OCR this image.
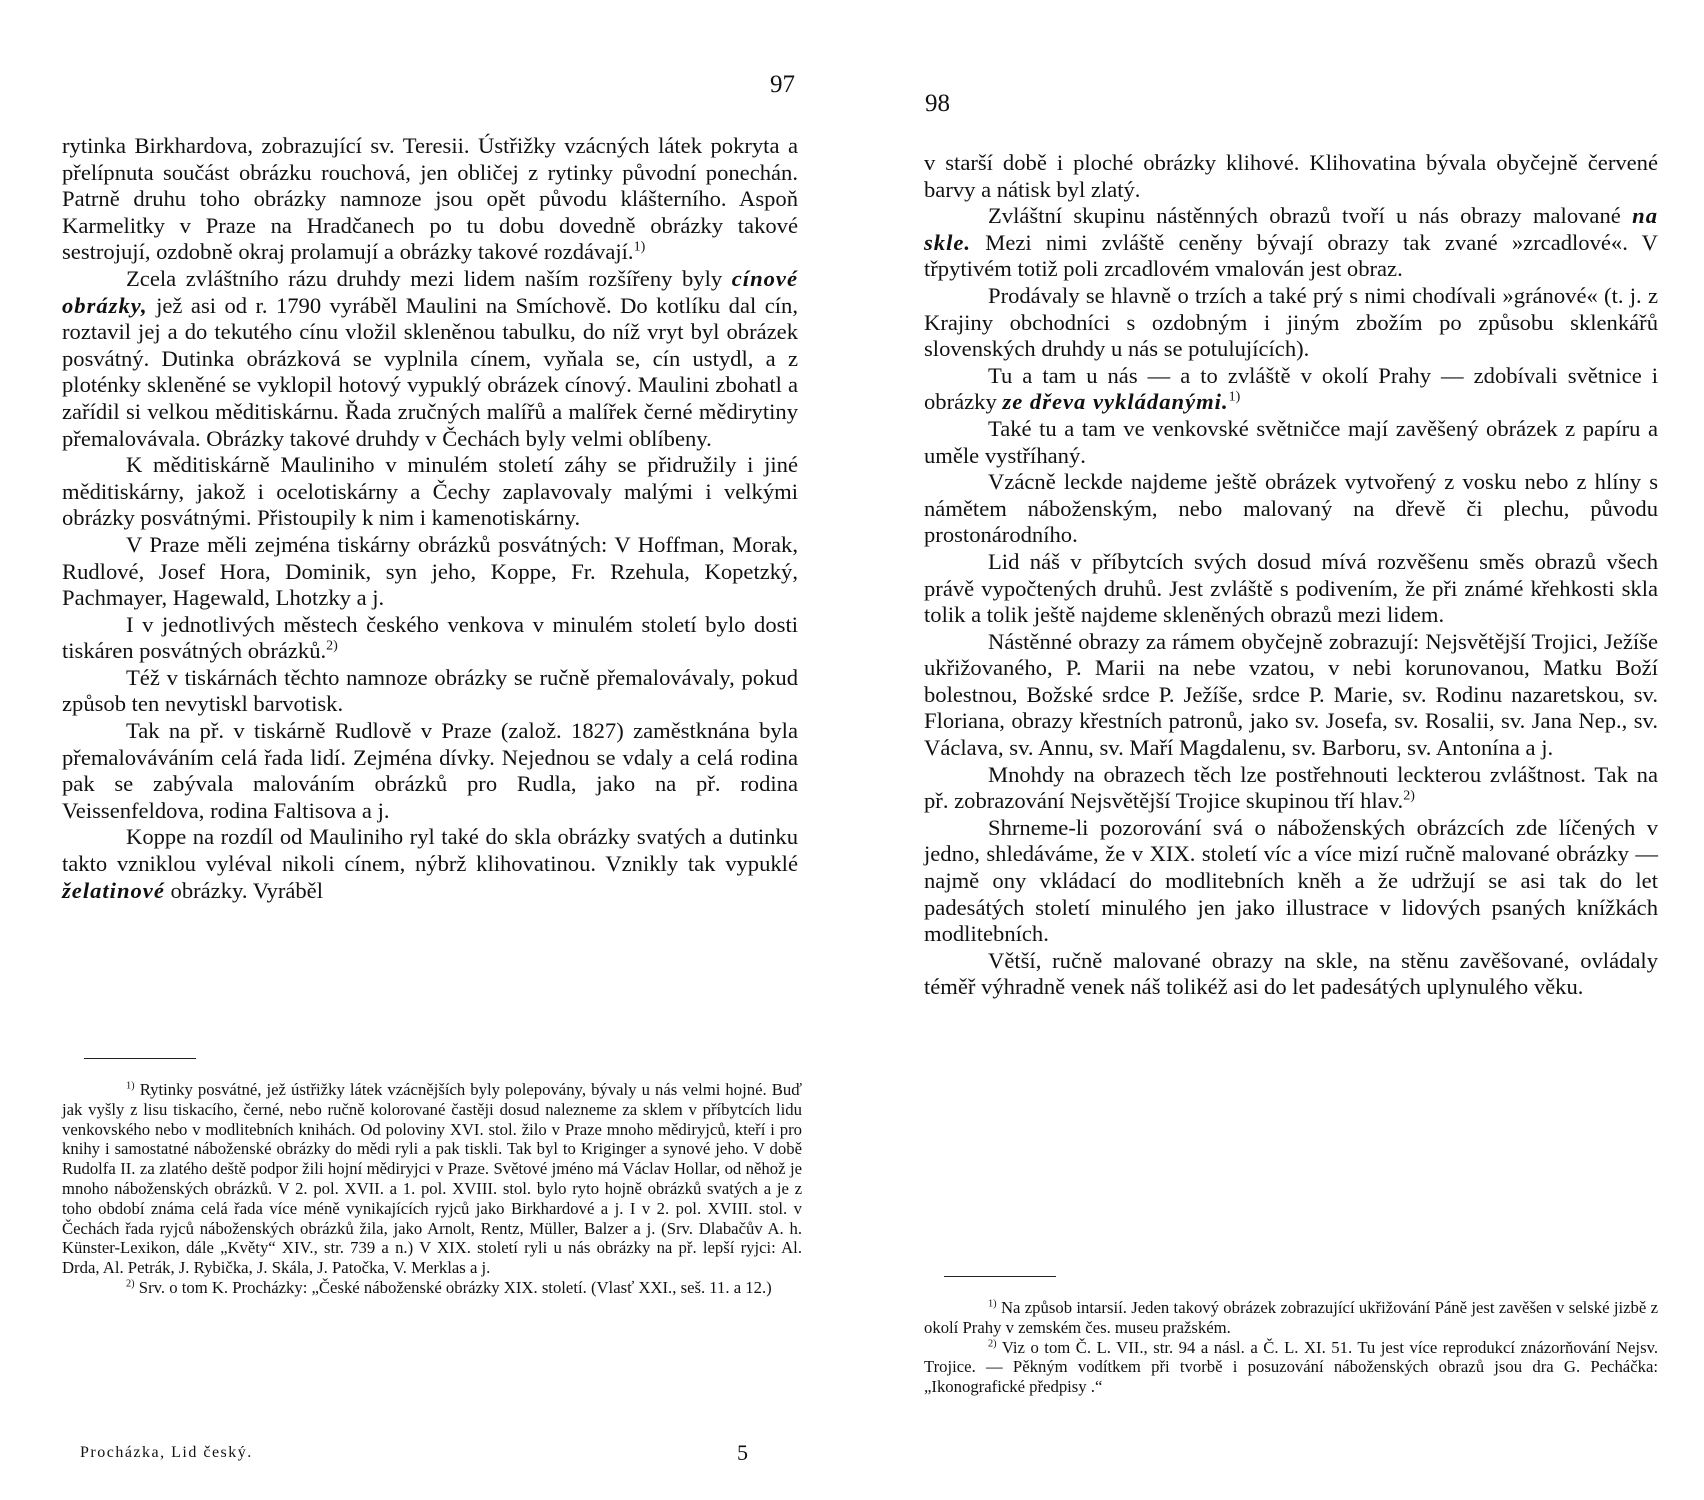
97

rytinka Birkhardova, zobrazující sv. Teresii. Ústřižky vzácných látek pokryta a přelípnuta součást obrázku rouchová, jen obličej z rytinky původní ponechán. Patrně druhu toho obrázky namnoze jsou opět původu klášterního. Aspoň Karmelitky v Praze na Hradčanech po tu dobu dovedně obrázky takové sestrojují, ozdobně okraj prolamují a obrázky takové rozdávají.$^{1)}$

Zcela zvláštního rázu druhdy mezi lidem naším rozšířeny byly cínové obrázky, jež asi od r. 1790 vyráběl Maulini na Smíchově. Do kotlíku dal cín, roztavil jej a do tekutého cínu vložil skleněnou tabulku, do níž vryt byl obrázek posvátný. Dutinka obrázková se vyplnila cínem, vyňala se, cín ustydl, a z ploténky skleněné se vyklopil hotový vypuklý obrázek cínový. Maulini zbohatl a zařídil si velkou měditiskárnu. Řada zručných malířů a malířek černé mědirytiny přemalovávala. Obrázky takové druhdy v Čechách byly velmi oblíbeny.

K měditiskárně Mauliniho v minulém století záhy se přidružily i jiné měditiskárny, jakož i ocelotiskárny a Čechy zaplavovaly malými i velkými obrázky posvátnými. Přistoupily k nim i kamenotiskárny.

V Praze měli zejména tiskárny obrázků posvátných: V Hoffman, Morak, Rudlové, Josef Hora, Dominik, syn jeho, Koppe, Fr. Rzehula, Kopetzký, Pachmayer, Hagewald, Lhotzky a j.

I v jednotlivých městech českého venkova v minulém století bylo dosti tiskáren posvátných obrázků.$^{2)}$

Též v tiskárnách těchto namnoze obrázky se ručně přemalovávaly, pokud způsob ten nevytiskl barvotisk.

Tak na př. v tiskárně Rudlově v Praze (založ. 1827) zaměstknána byla přemalováváním celá řada lidí. Zejména dívky. Nejednou se vdaly a celá rodina pak se zabývala malováním obrázků pro Rudla, jako na př. rodina Veissenfeldova, rodina Faltisova a j.

Koppe na rozdíl od Mauliniho ryl také do skla obrázky svatých a dutinku takto vzniklou vyléval nikoli cínem, nýbrž klihovatinou. Vznikly tak vypuklé želatinové obrázky. Vyráběl

$^{1)}$ Rytinky posvátné, jež ústřižky látek vzácnějších byly polepovány, bývaly u nás velmi hojné. Buď jak vyšly z lisu tiskacího, černé, nebo ručně kolorované častěji dosud nalezneme za sklem v příbytcích lidu venkovského nebo v modlitebních knihách. Od poloviny XVI. stol. žilo v Praze mnoho mědiryjců, kteří i pro knihy i samostatné náboženské obrázky do mědi ryli a pak tiskli. Tak byl to Kriginger a synové jeho. V době Rudolfa II. za zlatého deště podpor žili hojní mědiryjci v Praze. Světové jméno má Václav Hollar, od něhož je mnoho náboženských obrázků. V 2. pol. XVII. a 1. pol. XVIII. stol. bylo ryto hojně obrázků svatých a je z toho období známa celá řada více méně vynikajících ryjců jako Birkhardové a j. I v 2. pol. XVIII. stol. v Čechách řada ryjců náboženských obrázků žila, jako Arnolt, Rentz, Müller, Balzer a j. (Srv. Dlabačův A. h. Künster-Lexikon, dále „Květy“ XIV., str. 739 a n.) V XIX. století ryli u nás obrázky na př. lepší ryjci: Al. Drda, Al. Petrák, J. Rybička, J. Skála, J. Patočka, V. Merklas a j.

$^{2)}$ Srv. o tom K. Procházky: „České náboženské obrázky XIX. století. (Vlasť XXI., seš. 11. a 12.)

Procházka, Lid český.	5
98

v starší době i ploché obrázky klihové. Klihovatina bývala obyčejně červené barvy a nátisk byl zlatý.

Zvláštní skupinu nástěnných obrazů tvoří u nás obrazy malované na skle. Mezi nimi zvláště ceněny bývají obrazy tak zvané »zrcadlové«. V třpytivém totiž poli zrcadlovém vmalován jest obraz.

Prodávaly se hlavně o trzích a také prý s nimi chodívali »gránové« (t. j. z Krajiny obchodníci s ozdobným i jiným zbožím po způsobu sklenkářů slovenských druhdy u nás se potulujících).

Tu a tam u nás — a to zvláště v okolí Prahy — zdobívali světnice i obrázky ze dřeva vykládanými.$^{1)}$

Také tu a tam ve venkovské světničce mají zavěšený obrázek z papíru a uměle vystříhaný.

Vzácně leckde najdeme ještě obrázek vytvořený z vosku nebo z hlíny s námětem náboženským, nebo malovaný na dřevě či plechu, původu prostonárodního.

Lid náš v příbytcích svých dosud mívá rozvěšenu směs obrazů všech právě vypočtených druhů. Jest zvláště s podivením, že při známé křehkosti skla tolik a tolik ještě najdeme skleněných obrazů mezi lidem.

Nástěnné obrazy za rámem obyčejně zobrazují: Nejsvětější Trojici, Ježíše ukřižovaného, P. Marii na nebe vzatou, v nebi korunovanou, Matku Boží bolestnou, Božské srdce P. Ježíše, srdce P. Marie, sv. Rodinu nazaretskou, sv. Floriana, obrazy křestních patronů, jako sv. Josefa, sv. Rosalii, sv. Jana Nep., sv. Václava, sv. Annu, sv. Maří Magdalenu, sv. Barboru, sv. Antonína a j.

Mnohdy na obrazech těch lze postřehnouti leckterou zvláštnost. Tak na př. zobrazování Nejsvětější Trojice skupinou tří hlav.$^{2)}$

Shrneme-li pozorování svá o náboženských obrázcích zde líčených v jedno, shledáváme, že v XIX. století víc a více mizí ručně malované obrázky — najmě ony vkládací do modlitebních kněh a že udržují se asi tak do let padesátých století minulého jen jako illustrace v lidových psaných knížkách modlitebních.

Větší, ručně malované obrazy na skle, na stěnu zavěšované, ovládaly téměř výhradně venek náš tolikéž asi do let padesátých uplynulého věku.

$^{1)}$ Na způsob intarsií. Jeden takový obrázek zobrazující ukřižování Páně jest zavěšen v selské jizbě z okolí Prahy v zemském čes. museu pražském.

$^{2)}$ Viz o tom Č. L. VII., str. 94 a násl. a Č. L. XI. 51. Tu jest více reprodukcí znázorňování Nejsv. Trojice. — Pěkným vodítkem při tvorbě i posuzování náboženských obrazů jsou dra G. Pecháčka: „Ikonografické předpisy .“
